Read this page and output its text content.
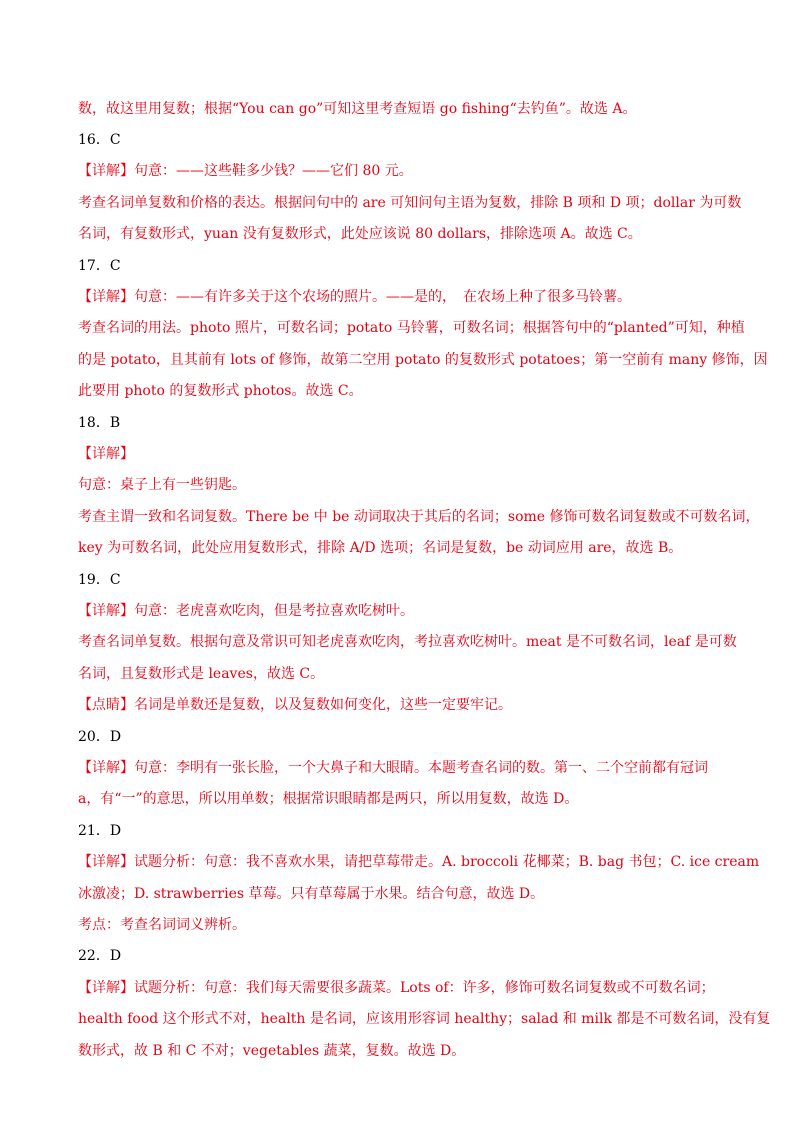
数，故这里用复数；根据“You can go”可知这里考查短语 go fishing“去钓鱼”。故选 A。

16．C

【详解】句意：——这些鞋多少钱？——它们 80 元。

考查名词单复数和价格的表达。根据问句中的 are 可知问句主语为复数，排除 B 项和 D 项；dollar 为可数

名词，有复数形式，yuan 没有复数形式，此处应该说 80 dollars，排除选项 A。故选 C。

17．C

【详解】句意：——有许多关于这个农场的照片。——是的，　在农场上种了很多马铃薯。

考查名词的用法。photo 照片，可数名词；potato 马铃薯，可数名词；根据答句中的“planted”可知，种植

的是 potato，且其前有 lots of 修饰，故第二空用 potato 的复数形式 potatoes；第一空前有 many 修饰，因

此要用 photo 的复数形式 photos。故选 C。

18．B

【详解】

句意：桌子上有一些钥匙。

考查主谓一致和名词复数。There be 中 be 动词取决于其后的名词；some 修饰可数名词复数或不可数名词，

key 为可数名词，此处应用复数形式，排除 A/D 选项；名词是复数，be 动词应用 are，故选 B。

19．C

【详解】句意：老虎喜欢吃肉，但是考拉喜欢吃树叶。

考查名词单复数。根据句意及常识可知老虎喜欢吃肉，考拉喜欢吃树叶。meat 是不可数名词，leaf 是可数

名词，且复数形式是 leaves，故选 C。

【点睛】名词是单数还是复数，以及复数如何变化，这些一定要牢记。

20．D

【详解】句意：李明有一张长脸，一个大鼻子和大眼睛。本题考查名词的数。第一、二个空前都有冠词

a，有“一”的意思，所以用单数；根据常识眼睛都是两只，所以用复数，故选 D。

21．D

【详解】试题分析：句意：我不喜欢水果，请把草莓带走。A. broccoli 花椰菜；B. bag 书包；C. ice cream

冰激凌；D. strawberries 草莓。只有草莓属于水果。结合句意，故选 D。

考点：考查名词词义辨析。

22．D

【详解】试题分析：句意：我们每天需要很多蔬菜。Lots of：许多，修饰可数名词复数或不可数名词；

health food 这个形式不对，health 是名词，应该用形容词 healthy；salad 和 milk 都是不可数名词，没有复

数形式，故 B 和 C 不对；vegetables 蔬菜，复数。故选 D。
